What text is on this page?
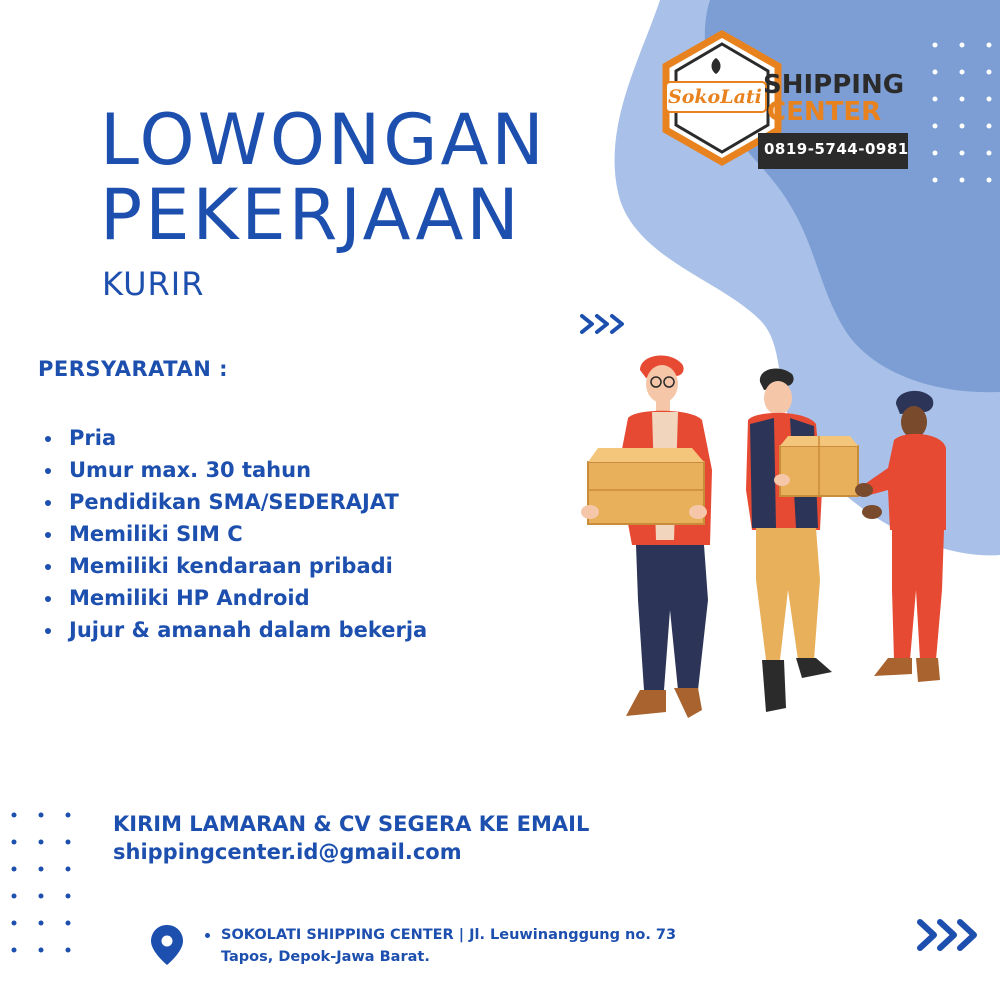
SokoLati SHIPPING
CENTER
0819-5744-0981
LOWONGAN
PEKERJAAN
KURIR
PERSYARATAN :
Pria
Umur max. 30 tahun
Pendidikan SMA/SEDERAJAT
Memiliki SIM C
Memiliki kendaraan pribadi
Memiliki HP Android
Jujur & amanah dalam bekerja
KIRIM LAMARAN & CV SEGERA KE EMAIL
shippingcenter.id@gmail.com
SOKOLATI SHIPPING CENTER | Jl. Leuwinanggung no. 73
Tapos, Depok-Jawa Barat.
